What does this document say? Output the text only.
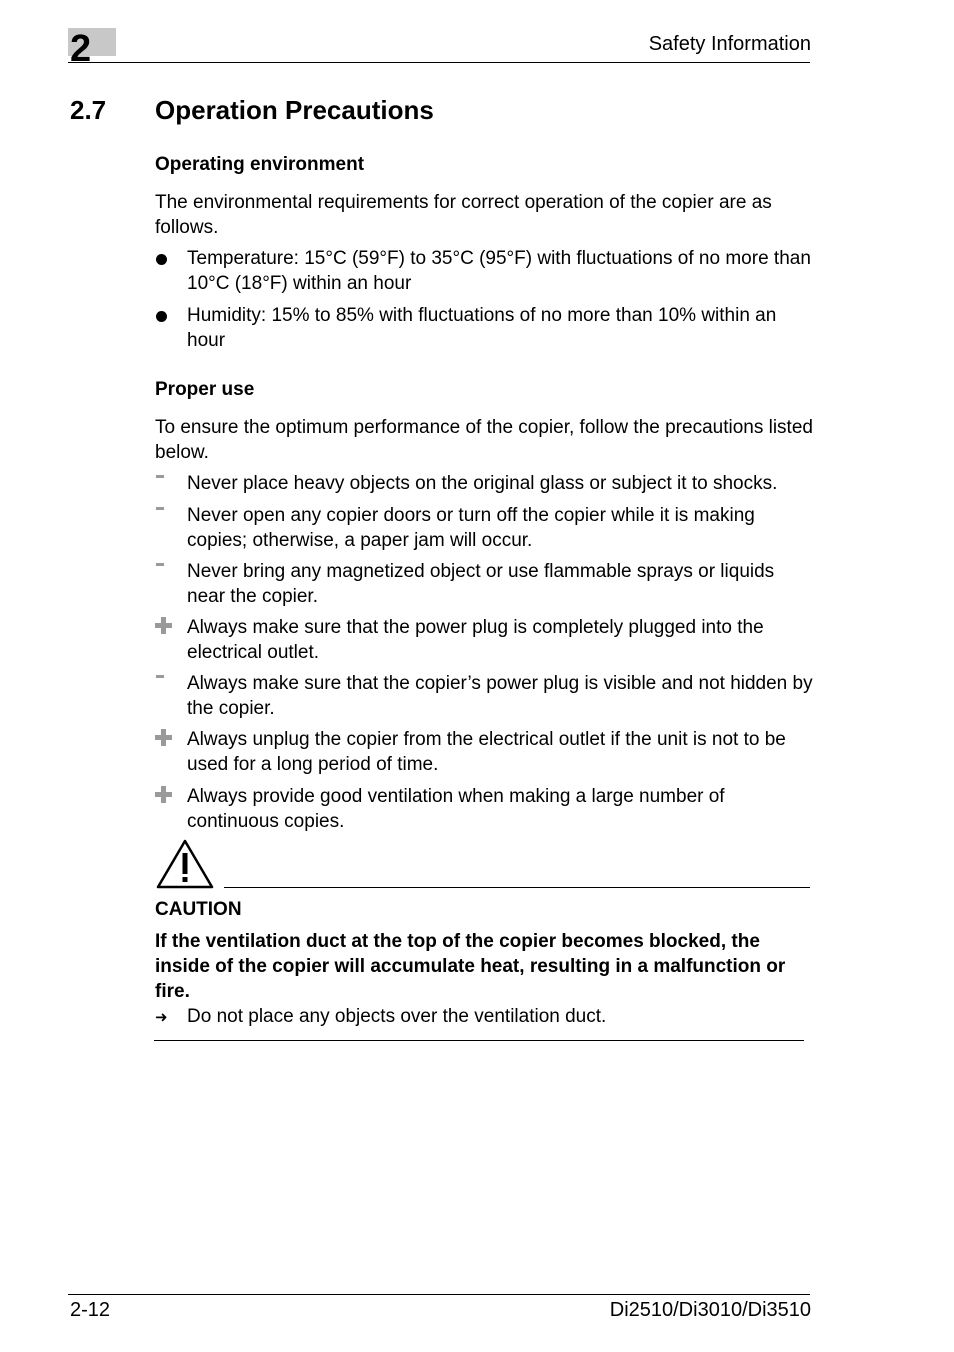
2	Safety Information
2.7 Operation Precautions
Operating environment
The environmental requirements for correct operation of the copier are as follows.
Temperature: 15°C (59°F) to 35°C (95°F) with fluctuations of no more than 10°C (18°F) within an hour
Humidity: 15% to 85% with fluctuations of no more than 10% within an hour
Proper use
To ensure the optimum performance of the copier, follow the precautions listed below.
Never place heavy objects on the original glass or subject it to shocks.
Never open any copier doors or turn off the copier while it is making copies; otherwise, a paper jam will occur.
Never bring any magnetized object or use flammable sprays or liquids near the copier.
Always make sure that the power plug is completely plugged into the electrical outlet.
Always make sure that the copier’s power plug is visible and not hidden by the copier.
Always unplug the copier from the electrical outlet if the unit is not to be used for a long period of time.
Always provide good ventilation when making a large number of continuous copies.
CAUTION
If the ventilation duct at the top of the copier becomes blocked, the inside of the copier will accumulate heat, resulting in a malfunction or fire.
➜	Do not place any objects over the ventilation duct.
2-12	Di2510/Di3010/Di3510
